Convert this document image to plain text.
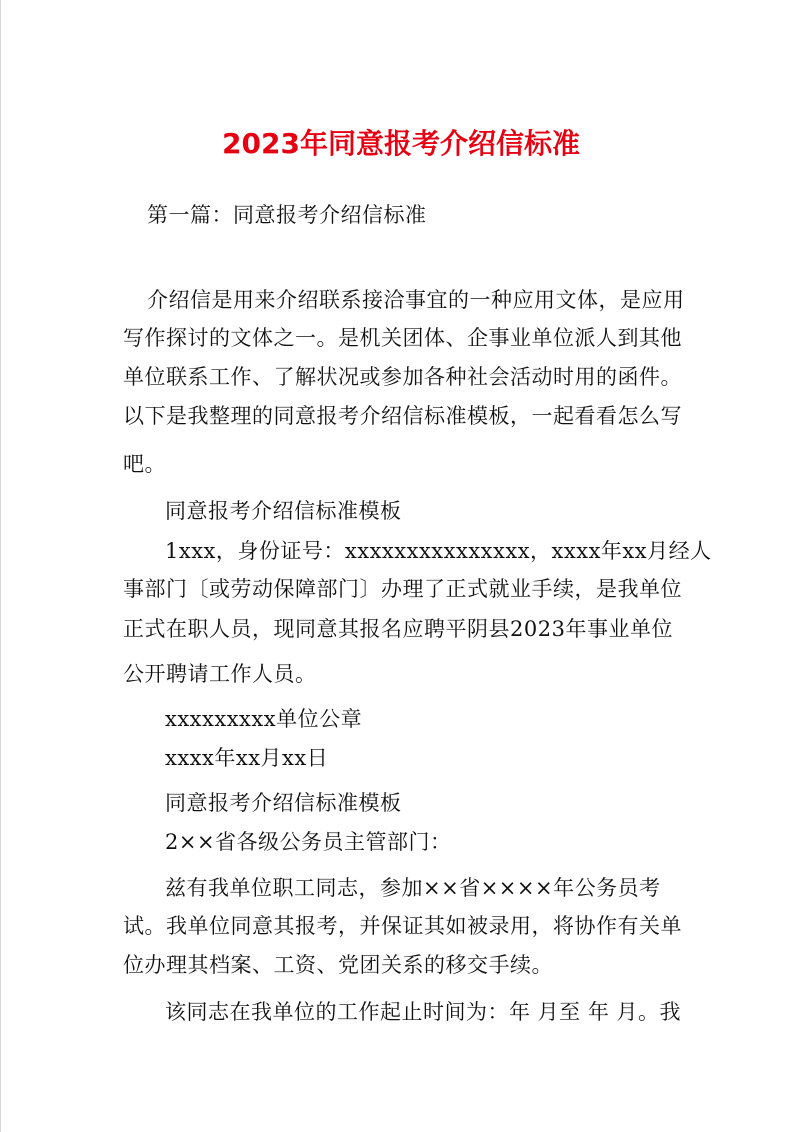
2023年同意报考介绍信标准
第一篇：同意报考介绍信标准
介绍信是用来介绍联系接洽事宜的一种应用文体，是应用
写作探讨的文体之一。是机关团体、企事业单位派人到其他
单位联系工作、了解状况或参加各种社会活动时用的函件。
以下是我整理的同意报考介绍信标准模板，一起看看怎么写
吧。
同意报考介绍信标准模板
1xxx，身份证号：xxxxxxxxxxxxxxx，xxxx年xx月经人
事部门〔或劳动保障部门〕办理了正式就业手续，是我单位
正式在职人员，现同意其报名应聘平阴县2023年事业单位
公开聘请工作人员。
xxxxxxxxx单位公章
xxxx年xx月xx日
同意报考介绍信标准模板
2××省各级公务员主管部门：
兹有我单位职工同志，参加××省××××年公务员考
试。我单位同意其报考，并保证其如被录用，将协作有关单
位办理其档案、工资、党团关系的移交手续。
该同志在我单位的工作起止时间为：年 月至 年 月。我
